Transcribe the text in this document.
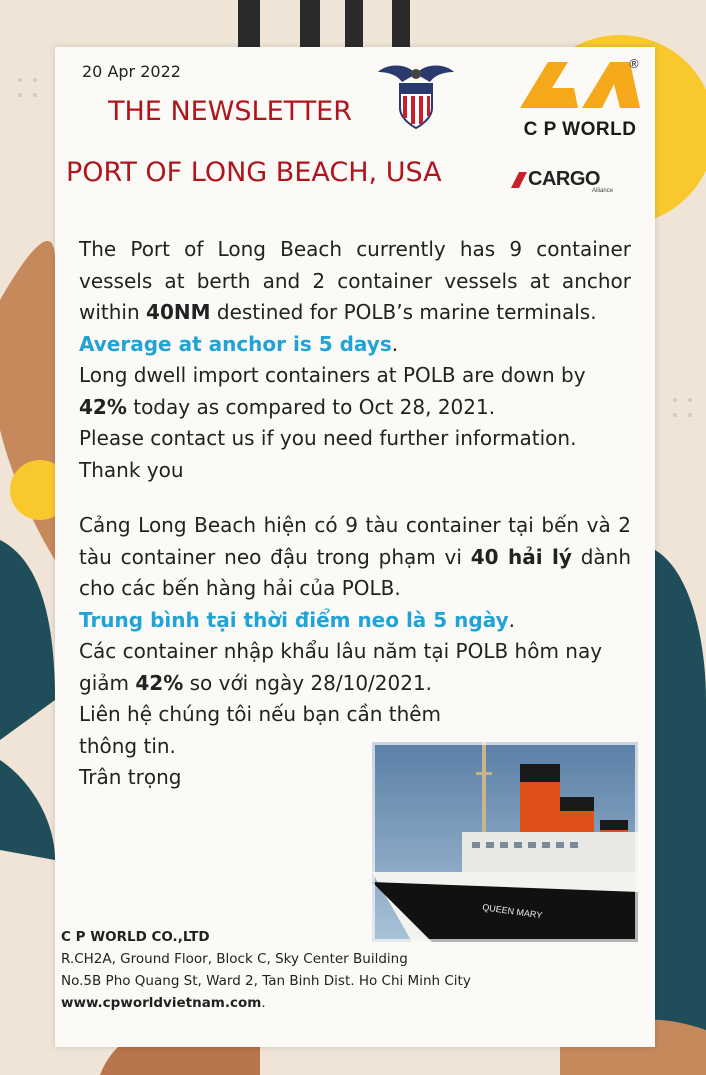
20 Apr 2022
THE NEWSLETTER
PORT OF LONG BEACH, USA
®
C P WORLD
CARGO
Alliance

The Port of Long Beach currently has 9 container vessels at berth and 2 container vessels at anchor within 40NM destined for POLB’s marine terminals.

Average at anchor is 5 days.

Long dwell import containers at POLB are down by 42% today as compared to Oct 28, 2021.

Please contact us if you need further information.

Thank you

Cảng Long Beach hiện có 9 tàu container tại bến và 2 tàu container neo đậu trong phạm vi 40 hải lý dành cho các bến hàng hải của POLB.

Trung bình tại thời điểm neo là 5 ngày.

Các container nhập khẩu lâu năm tại POLB hôm nay giảm 42% so với ngày 28/10/2021.

Liên hệ chúng tôi nếu bạn cần thêm

thông tin.

Trân trọng

QUEEN MARY
C P WORLD CO.,LTD
R.CH2A, Ground Floor, Block C, Sky Center Building
No.5B Pho Quang St, Ward 2, Tan Binh Dist. Ho Chi Minh City
www.cpworldvietnam.com.
